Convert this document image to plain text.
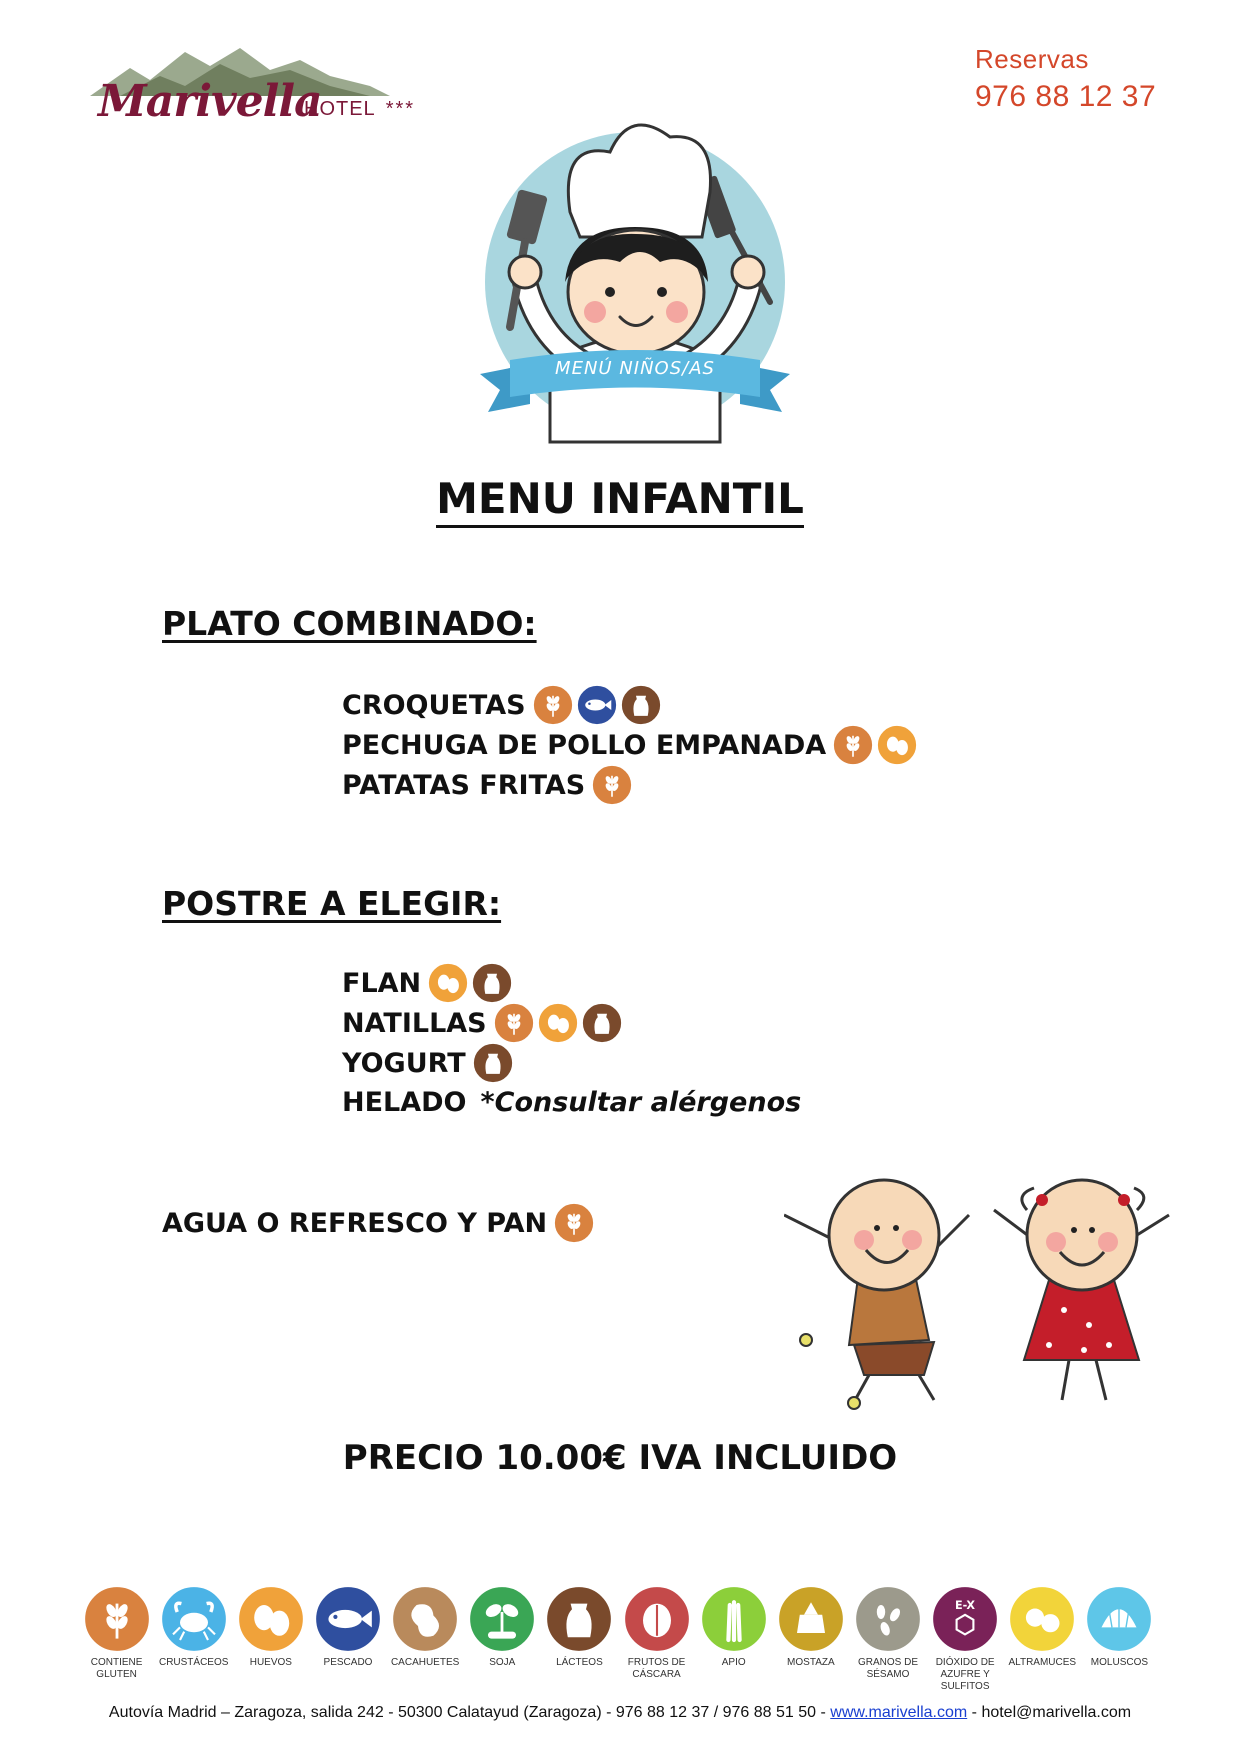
Marivella
HOTEL ***
Reservas
976 88 12 37
MENÚ NIÑOS/AS
MENU INFANTIL
PLATO COMBINADO:
CROQUETAS
PECHUGA DE POLLO EMPANADA
PATATAS FRITAS
POSTRE A ELEGIR:
FLAN
NATILLAS
YOGURT
HELADO *Consultar alérgenos
AGUA O REFRESCO Y PAN
PRECIO 10.00€ IVA INCLUIDO
CONTIENE GLUTEN
CRUSTÁCEOS	HUEVOS	PESCADO	CACAHUETES	SOJA	LÁCTEOS	FRUTOS DE CÁSCARA
APIO	MOSTAZA	GRANOS DE SÉSAMO
E-X
DIÓXIDO DE AZUFRE Y SULFITOS
ALTRAMUCES	MOLUSCOS
Autovía Madrid – Zaragoza, salida 242 - 50300 Calatayud (Zaragoza) - 976 88 12 37 / 976 88 51 50 - www.marivella.com - hotel@marivella.com
